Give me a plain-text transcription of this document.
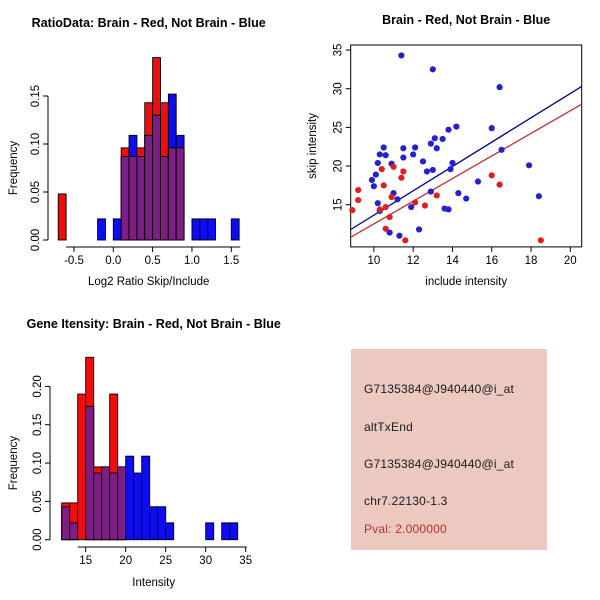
-0.5 0.0 0.5 1.0 1.5
0.00
0.05
0.10
0.15
RatioData: Brain - Red, Not Brain - Blue
Log2 Ratio Skip/Include
Frequency
10 12 14 16 18 20
15
20
25
30
35
Brain - Red, Not Brain - Blue
include intensity
skip intensity
15 20 25 30 35
0.00
0.05
0.10
0.15
0.20
Gene Itensity: Brain - Red, Not Brain - Blue
Intensity
Frequency
G7135384@J940440@i_at
altTxEnd
G7135384@J940440@i_at
chr7.22130-1.3
Pval: 2.000000
